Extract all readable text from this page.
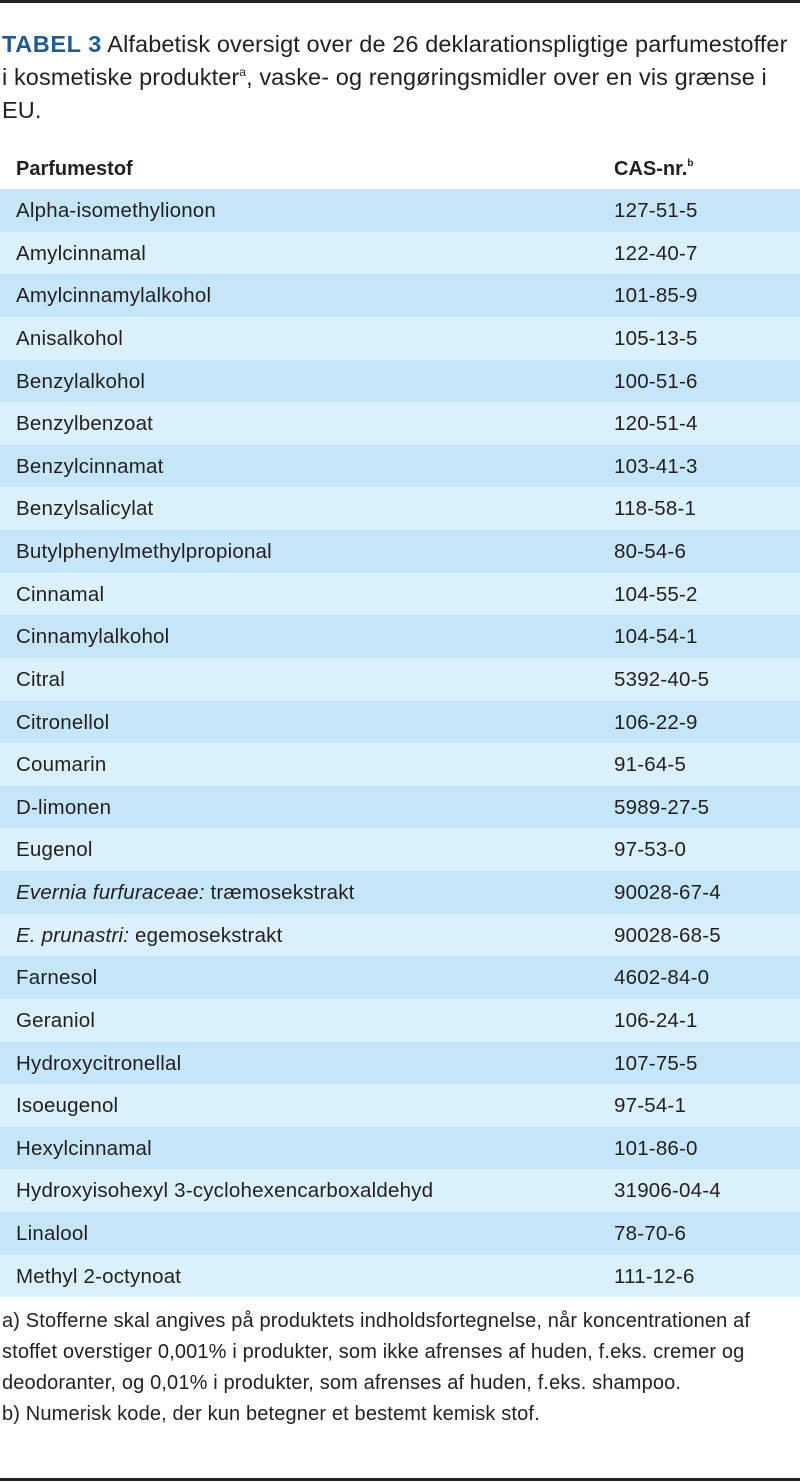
TABEL 3 Alfabetisk oversigt over de 26 deklarationspligtige parfumestoffer i kosmetiske produkter$^a$, vaske- og rengøringsmidler over en vis grænse i EU.
Parfumestof	CAS-nr.$^b$
Alpha-isomethylionon	127-51-5
Amylcinnamal	122-40-7
Amylcinnamylalkohol	101-85-9
Anisalkohol	105-13-5
Benzylalkohol	100-51-6
Benzylbenzoat	120-51-4
Benzylcinnamat	103-41-3
Benzylsalicylat	118-58-1
Butylphenylmethylpropional	80-54-6
Cinnamal	104-55-2
Cinnamylalkohol	104-54-1
Citral	5392-40-5
Citronellol	106-22-9
Coumarin	91-64-5
D-limonen	5989-27-5
Eugenol	97-53-0
Evernia furfuraceae: træmosekstrakt	90028-67-4
E. prunastri: egemosekstrakt	90028-68-5
Farnesol	4602-84-0
Geraniol	106-24-1
Hydroxycitronellal	107-75-5
Isoeugenol	97-54-1
Hexylcinnamal	101-86-0
Hydroxyisohexyl 3-cyclohexencarboxaldehyd	31906-04-4
Linalool	78-70-6
Methyl 2-octynoat	111-12-6

a) Stofferne skal angives på produktets indholdsfortegnelse, når koncentrationen af stoffet overstiger 0,001% i produkter, som ikke afrenses af huden, f.eks. cremer og deodoranter, og 0,01% i produkter, som afrenses af huden, f.eks. shampoo.

b) Numerisk kode, der kun betegner et bestemt kemisk stof.
